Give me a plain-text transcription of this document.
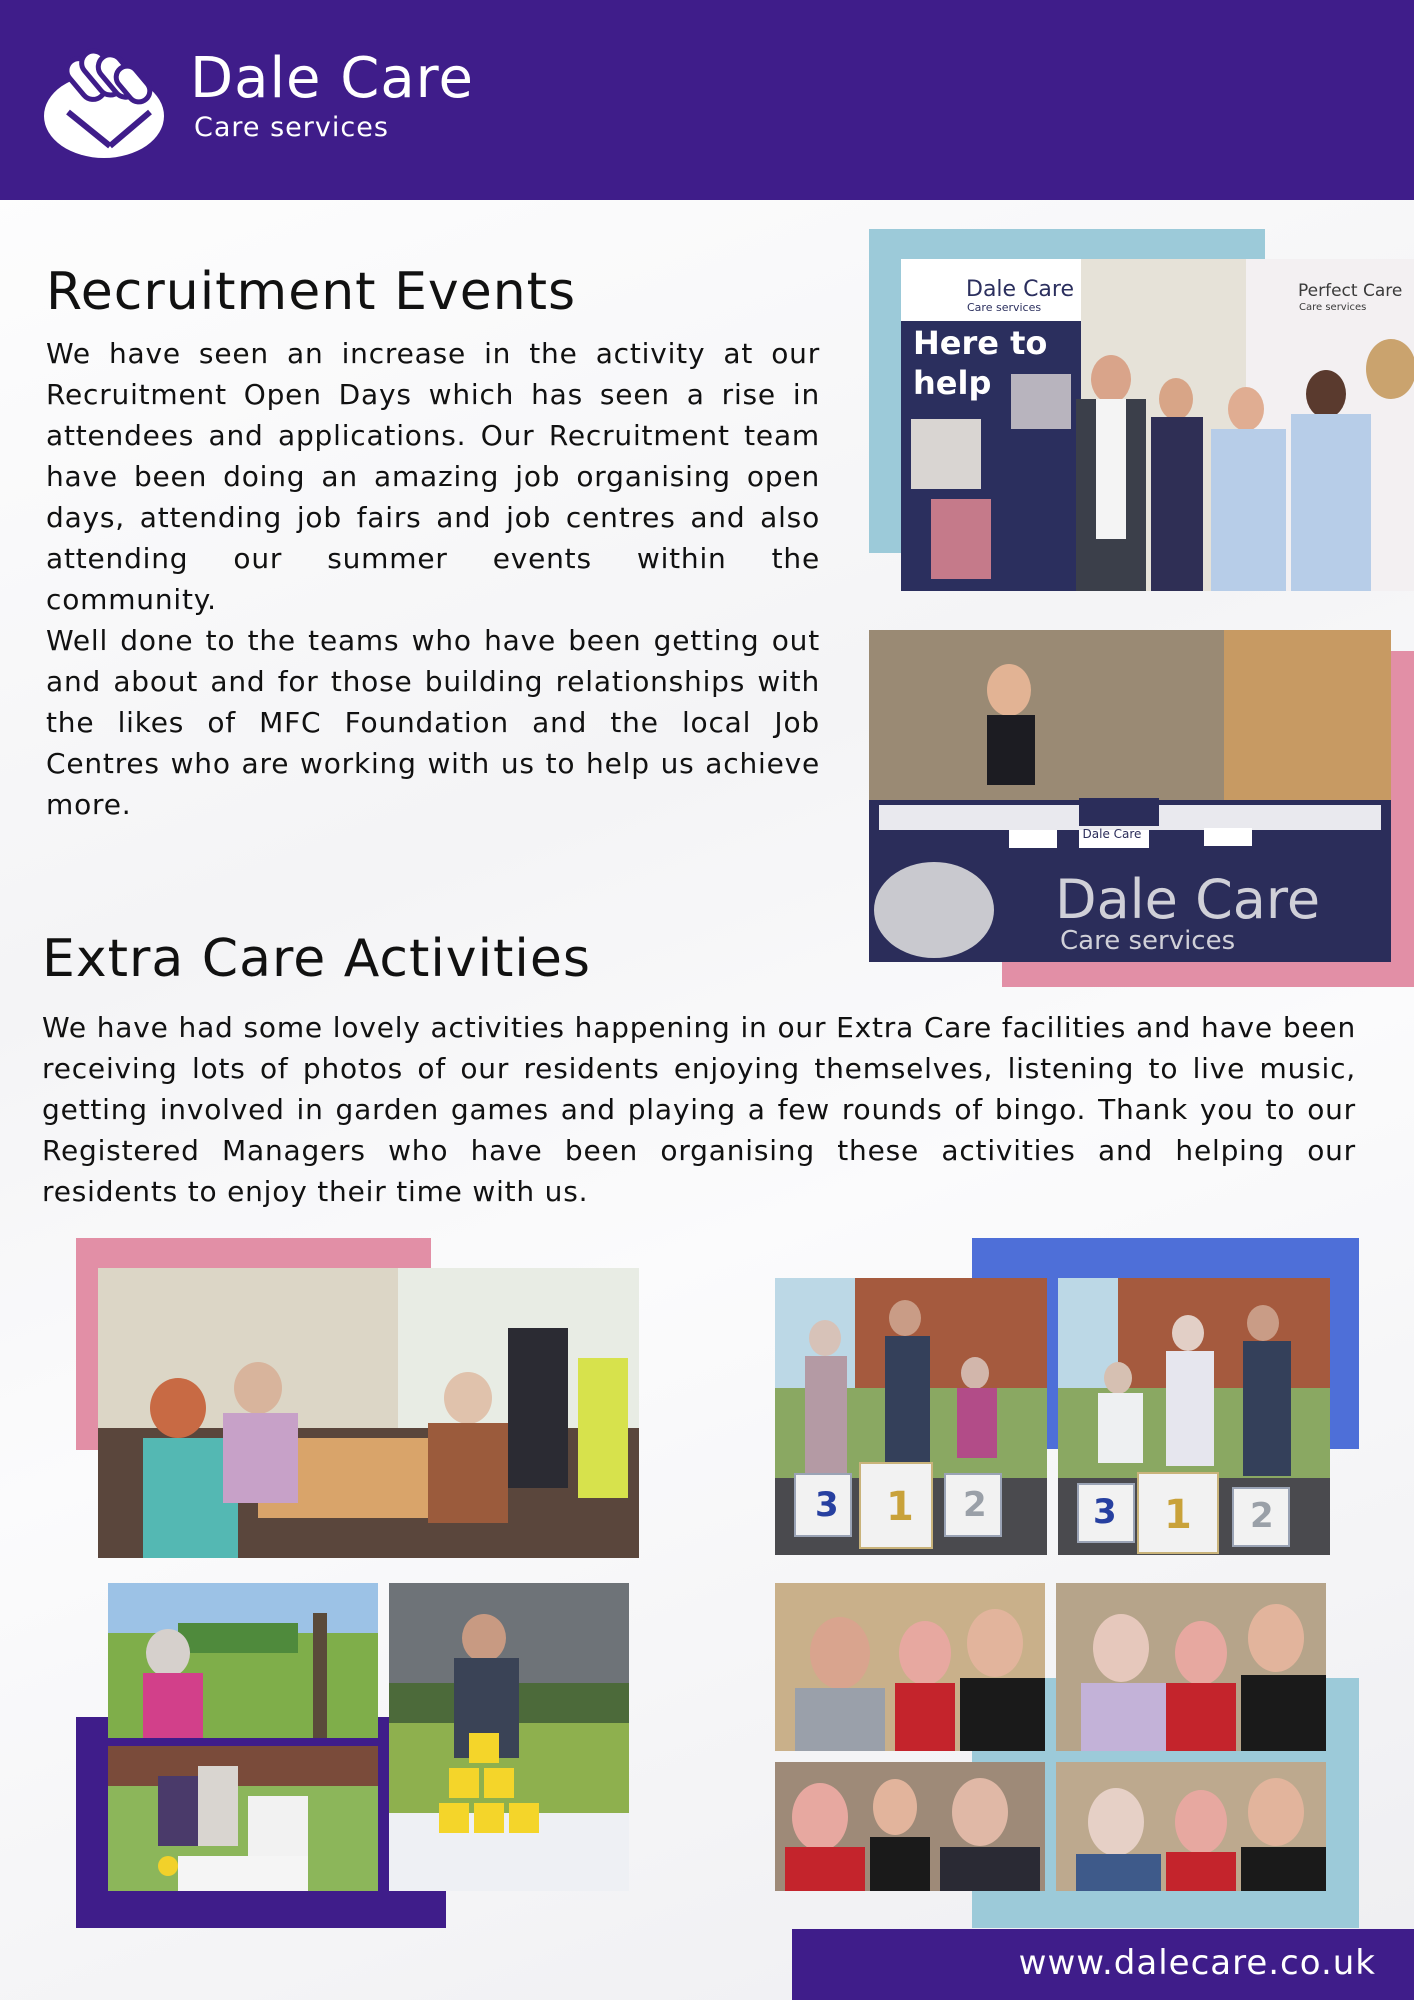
Dale Care
Care services
Recruitment Events

We have seen an increase in the activity at our Recruitment Open Days which has seen a rise in attendees and applications. Our Recruitment team have been doing an amazing job organising open days, attending job fairs and job centres and also attending our summer events within the community.

Well done to the teams who have been getting out and about and for those building relationships with the likes of MFC Foundation and the local Job Centres who are working with us to help us achieve more.

Dale Care
Care services
Here to help
Perfect Care
Care services
Dale Care
Dale Care
Care services
Extra Care Activities

We have had some lovely activities happening in our Extra Care facilities and have been receiving lots of photos of our residents enjoying themselves, listening to live music, getting involved in garden games and playing a few rounds of bingo. Thank you to our Registered Managers who have been organising these activities and helping our residents to enjoy their time with us.

3 1 2	3 1 2
www.dalecare.co.uk
